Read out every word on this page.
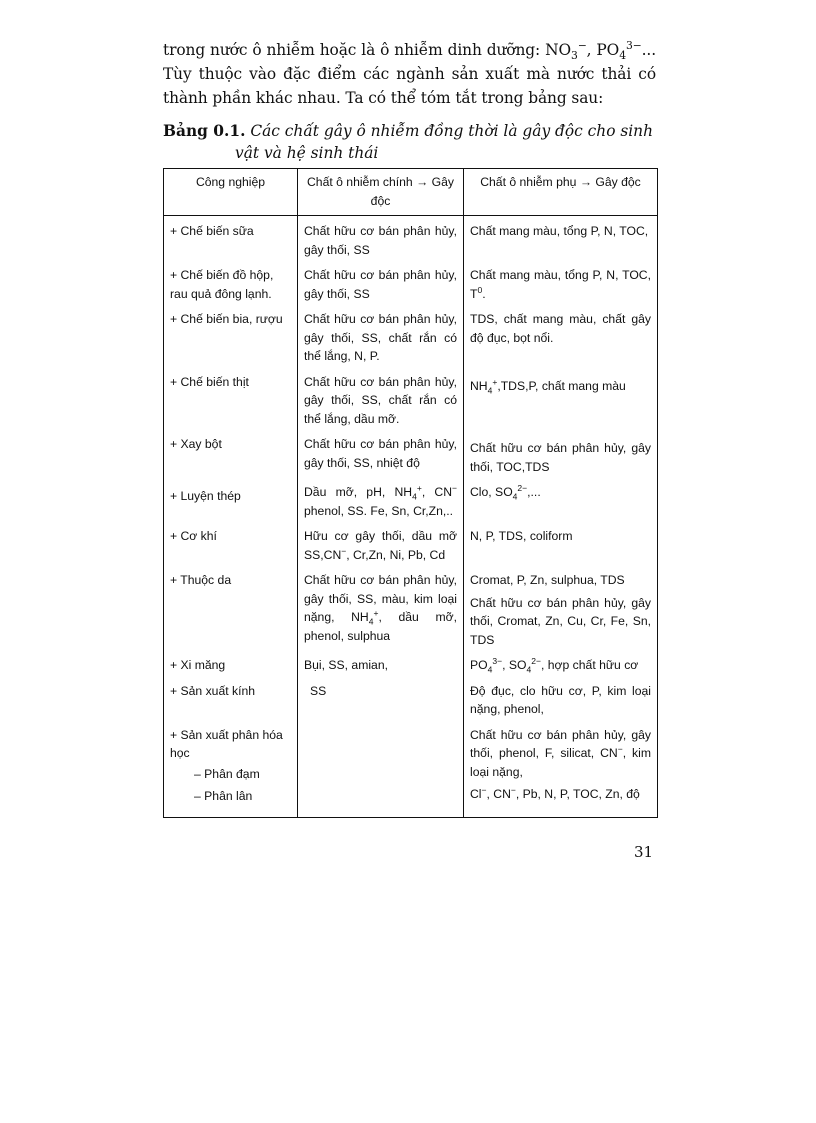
trong nước ô nhiễm hoặc là ô nhiễm dinh dưỡng: $NO_3^-$, $PO_4^{3-}$... Tùy thuộc vào đặc điểm các ngành sản xuất mà nước thải có thành phần khác nhau. Ta có thể tóm tắt trong bảng sau:

Bảng 0.1. Các chất gây ô nhiễm đồng thời là gây độc cho sinh vật và hệ sinh thái
Công nghiệp	Chất ô nhiễm chính → Gây độc	Chất ô nhiễm phụ → Gây độc

+ Chế biến sữa	Chất hữu cơ bán phân hủy, gây thối, SS	Chất mang màu, tổng P, N, TOC,

+ Chế biến đồ hộp, rau quả đông lạnh.	Chất hữu cơ bán phân hủy, gây thối, SS	Chất mang màu, tổng P, N, TOC, $T^0$.

+ Chế biến bia, rượu	Chất hữu cơ bán phân hủy, gây thối, SS, chất rắn có thể lắng, N, P.	TDS, chất mang màu, chất gây độ đục, bọt nổi.

+ Chế biến thịt	Chất hữu cơ bán phân hủy, gây thối, SS, chất rắn có thể lắng, dầu mỡ.	$NH_4^+,TDS,P$, chất mang màu

+ Xay bột	Chất hữu cơ bán phân hủy, gây thối, SS, nhiệt độ	Chất hữu cơ bán phân hủy, gây thối, TOC,TDS

+ Luyện thép	Dầu mỡ, pH, $NH_4^+$, CN− phenol, SS. Fe, Sn, Cr,Zn,..	Clo, $SO_4^{2-}$,...

+ Cơ khí	Hữu cơ gây thối, dầu mỡ SS,CN−, Cr,Zn, Ni, Pb, Cd	N, P, TDS, coliform

+ Thuộc da	Chất hữu cơ bán phân hủy, gây thối, SS, màu, kim loại nặng, $NH_4^+$, dầu mỡ, phenol, sulphua	Cromat, P, Zn, sulphua, TDS
Chất hữu cơ bán phân hủy, gây thối, Cromat, Zn, Cu, Cr, Fe, Sn, TDS

+ Xi măng	Bụi, SS, amian,	$PO_4^{3-}$, $SO_4^{2-}$, hợp chất hữu cơ

+ Sản xuất kính	SS	Độ đục, clo hữu cơ, P, kim loại nặng, phenol,

+ Sản xuất phân hóa học
– Phân đạm
– Phân lân		Chất hữu cơ bán phân hủy, gây thối, phenol, F, silicat, CN−, kim loại nặng,
Cl−, CN−, Pb, N, P, TOC, Zn, độ
31
